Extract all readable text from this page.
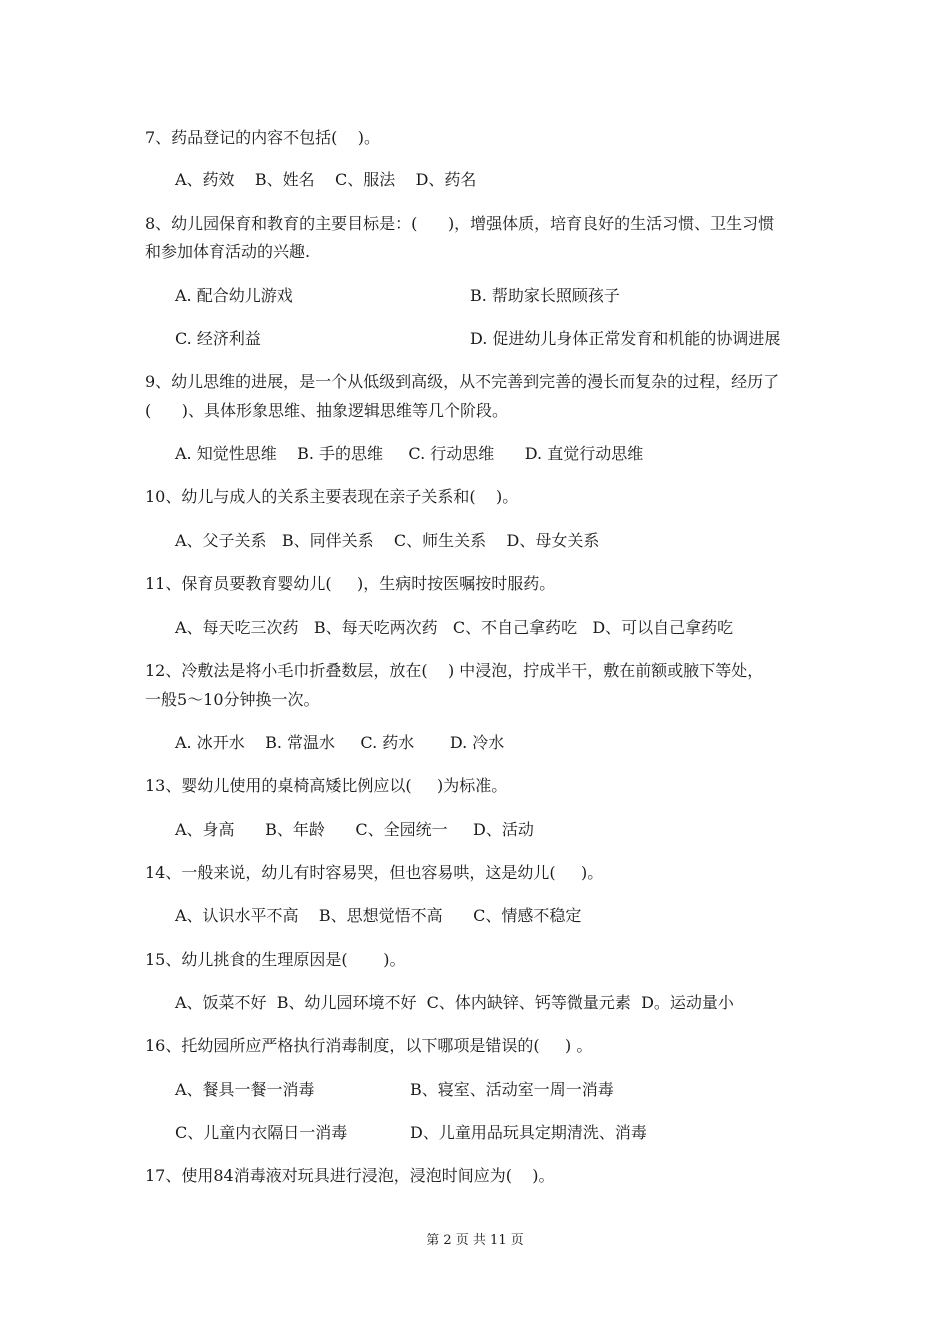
7、药品登记的内容不包括(    )。
A、药效    B、姓名    C、服法    D、药名
8、幼儿园保育和教育的主要目标是：(      )，增强体质，培育良好的生活习惯、卫生习惯
和参加体育活动的兴趣.
A. 配合幼儿游戏	B. 帮助家长照顾孩子
C. 经济利益	D. 促进幼儿身体正常发育和机能的协调进展
9、幼儿思维的进展，是一个从低级到高级，从不完善到完善的漫长而复杂的过程，经历了
(      )、具体形象思维、抽象逻辑思维等几个阶段。
A. 知觉性思维    B. 手的思维     C. 行动思维      D. 直觉行动思维
10、幼儿与成人的关系主要表现在亲子关系和(    )。
A、父子关系   B、同伴关系    C、师生关系    D、母女关系
11、保育员要教育婴幼儿(     )，生病时按医嘱按时服药。
A、每天吃三次药   B、每天吃两次药   C、不自己拿药吃   D、可以自己拿药吃
12、冷敷法是将小毛巾折叠数层，放在(    ) 中浸泡，拧成半干，敷在前额或腋下等处，
一般5～10分钟换一次。
A. 冰开水    B. 常温水     C. 药水       D. 冷水
13、婴幼儿使用的桌椅高矮比例应以(     )为标准。
A、身高      B、年龄      C、全园统一     D、活动
14、一般来说，幼儿有时容易哭，但也容易哄，这是幼儿(     )。
A、认识水平不高    B、思想觉悟不高      C、情感不稳定
15、幼儿挑食的生理原因是(       )。
A、饭菜不好  B、幼儿园环境不好  C、体内缺锌、钙等微量元素  D。运动量小
16、托幼园所应严格执行消毒制度，以下哪项是错误的(     ) 。
A、餐具一餐一消毒	B、寝室、活动室一周一消毒
C、儿童内衣隔日一消毒	D、儿童用品玩具定期清洗、消毒
17、使用84消毒液对玩具进行浸泡，浸泡时间应为(    )。
第 2 页 共 11 页
